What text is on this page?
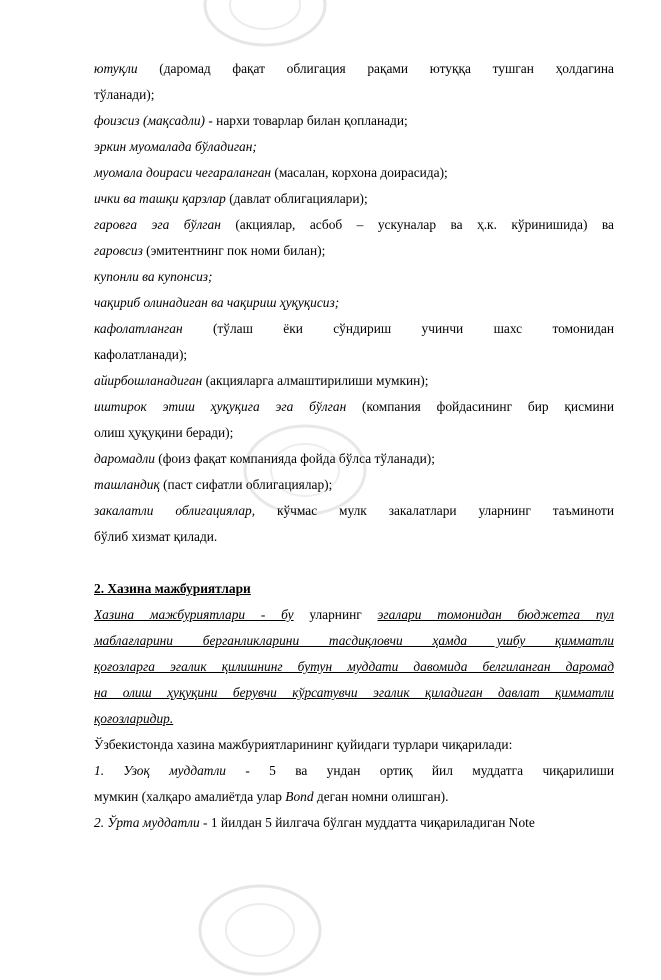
ютуқли (даромад фақат облигация рақами ютуққа тушган ҳолдагина

тўланади);

фоизсиз (мақсадли) - нархи товарлар билан қопланади;

эркин муомалада бўладиган;

муомала доираси чегараланган (масалан, корхона доирасида);

ички ва ташқи қарзлар (давлат облигациялари);

гаровга эга бўлган (акциялар, асбоб – ускуналар ва ҳ.к. кўринишида) ва

гаровсиз (эмитентнинг пок номи билан);

купонли ва купонсиз;

чақириб олинадиган ва чақириш ҳуқуқисиз;

кафолатланган (тўлаш ёки сўндириш учинчи шахс томонидан

кафолатланади);

айирбошланадиган (акцияларга алмаштирилиши мумкин);

иштирок этиш ҳуқуқига эга бўлган (компания фойдасининг бир қисмини

олиш ҳуқуқини беради);

даромадли (фоиз фақат компанияда фойда бўлса тўланади);

ташландиқ (паст сифатли облигациялар);

закалатли облигациялар, кўчмас мулк закалатлари уларнинг таъминоти

бўлиб хизмат қилади.

2. Хазина мажбуриятлари

Хазина мажбуриятлари - бу уларнинг эгалари томонидан бюджетга пул

маблағларини берганликларини тасдиқловчи ҳамда ушбу қимматли

қоғозларга эгалик қилишнинг бутун муддати давомида белгиланган даромад

на олиш ҳуқуқини берувчи кўрсатувчи эгалик қиладиган давлат қимматли

қоғозларидир.

Ўзбекистонда хазина мажбуриятларининг қуйидаги турлари чиқарилади:

1. Узоқ муддатли - 5 ва ундан ортиқ йил муддатга чиқарилиши

мумкин (халқаро амалиётда улар Bond деган номни олишган).

2. Ўрта муддатли - 1 йилдан 5 йилгача бўлган муддатта чиқариладиган Note
